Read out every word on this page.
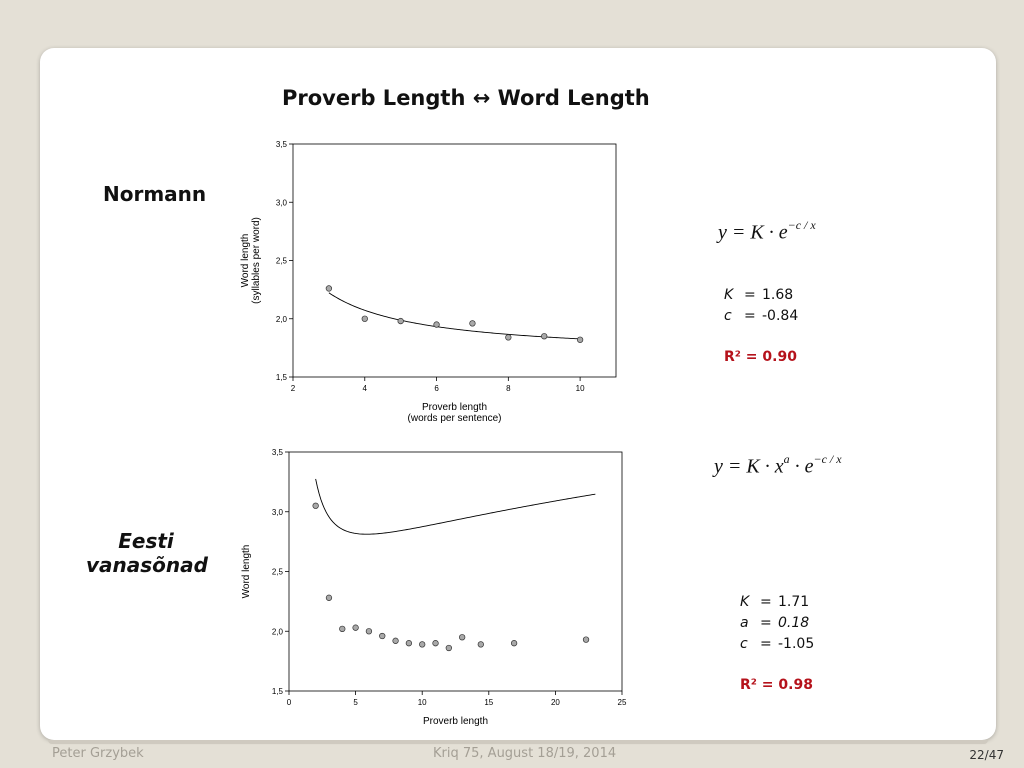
Proverb Length ↔ Word Length
Normann
Eesti
vanasõnad
2	4	6	8	10
1,5
2,0
2,5
3,0
3,5
Proverb length
(words per sentence)
Word length (syllables per word)
0	5	10	15	20	25
1,5
2,0
2,5
3,0
3,5
Proverb length
Word length
$y = K \cdot e^{-c / x}$
$y = K \cdot x^a \cdot e^{-c / x}$
K = 1.68
c = -0.84
R² = 0.90
K = 1.71
a = 0.18
c = -1.05
R² = 0.98
Peter Grzybek	Kriq 75, August 18/19, 2014	22/47
